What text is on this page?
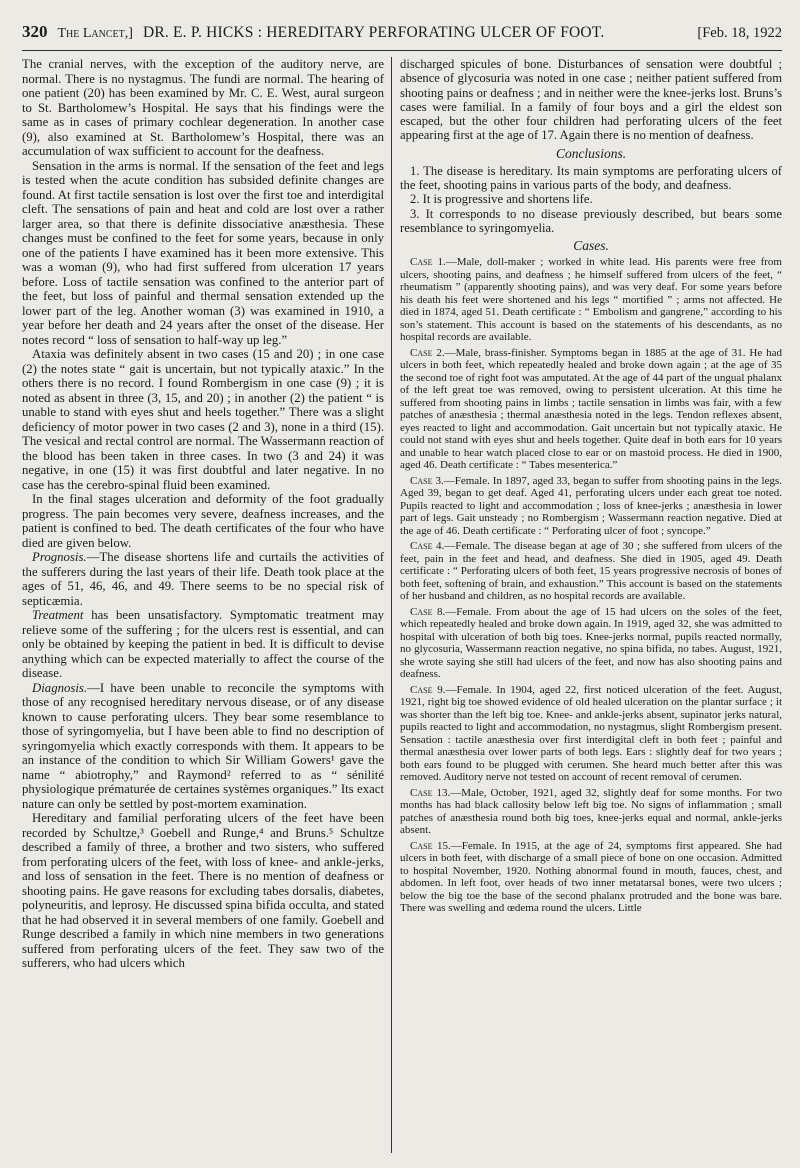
320 The Lancet,] DR. E. P. HICKS : HEREDITARY PERFORATING ULCER OF FOOT.	[Feb. 18, 1922

The cranial nerves, with the exception of the auditory nerve, are normal. There is no nystagmus. The fundi are normal. The hearing of one patient (20) has been examined by Mr. C. E. West, aural surgeon to St. Bartholomew’s Hospital. He says that his findings were the same as in cases of primary cochlear degeneration. In another case (9), also examined at St. Bartholomew’s Hospital, there was an accumulation of wax sufficient to account for the deafness.

Sensation in the arms is normal. If the sensation of the feet and legs is tested when the acute condition has subsided definite changes are found. At first tactile sensation is lost over the first toe and interdigital cleft. The sensations of pain and heat and cold are lost over a rather larger area, so that there is definite dissociative anæsthesia. These changes must be confined to the feet for some years, because in only one of the patients I have examined has it been more extensive. This was a woman (9), who had first suffered from ulceration 17 years before. Loss of tactile sensation was confined to the anterior part of the feet, but loss of painful and thermal sensation extended up the lower part of the leg. Another woman (3) was examined in 1910, a year before her death and 24 years after the onset of the disease. Her notes record “ loss of sensation to half-way up leg.”

Ataxia was definitely absent in two cases (15 and 20) ; in one case (2) the notes state “ gait is uncertain, but not typically ataxic.” In the others there is no record. I found Rombergism in one case (9) ; it is noted as absent in three (3, 15, and 20) ; in another (2) the patient “ is unable to stand with eyes shut and heels together.” There was a slight deficiency of motor power in two cases (2 and 3), none in a third (15). The vesical and rectal control are normal. The Wassermann reaction of the blood has been taken in three cases. In two (3 and 24) it was negative, in one (15) it was first doubtful and later negative. In no case has the cerebro-spinal fluid been examined.

In the final stages ulceration and deformity of the foot gradually progress. The pain becomes very severe, deafness increases, and the patient is confined to bed. The death certificates of the four who have died are given below.

Prognosis.—The disease shortens life and curtails the activities of the sufferers during the last years of their life. Death took place at the ages of 51, 46, 46, and 49. There seems to be no special risk of septicæmia.

Treatment has been unsatisfactory. Symptomatic treatment may relieve some of the suffering ; for the ulcers rest is essential, and can only be obtained by keeping the patient in bed. It is difficult to devise anything which can be expected materially to affect the course of the disease.

Diagnosis.—I have been unable to reconcile the symptoms with those of any recognised hereditary nervous disease, or of any disease known to cause perforating ulcers. They bear some resemblance to those of syringomyelia, but I have been able to find no description of syringomyelia which exactly corresponds with them. It appears to be an instance of the condition to which Sir William Gowers¹ gave the name “ abiotrophy,” and Raymond² referred to as “ sénilité physiologique prématurée de certaines systèmes organiques.” Its exact nature can only be settled by post-mortem examination.

Hereditary and familial perforating ulcers of the feet have been recorded by Schultze,³ Goebell and Runge,⁴ and Bruns.⁵ Schultze described a family of three, a brother and two sisters, who suffered from perforating ulcers of the feet, with loss of knee- and ankle-jerks, and loss of sensation in the feet. There is no mention of deafness or shooting pains. He gave reasons for excluding tabes dorsalis, diabetes, polyneuritis, and leprosy. He discussed spina bifida occulta, and stated that he had observed it in several members of one family. Goebell and Runge described a family in which nine members in two generations suffered from perforating ulcers of the feet. They saw two of the sufferers, who had ulcers which

discharged spicules of bone. Disturbances of sensation were doubtful ; absence of glycosuria was noted in one case ; neither patient suffered from shooting pains or deafness ; and in neither were the knee-jerks lost. Bruns’s cases were familial. In a family of four boys and a girl the eldest son escaped, but the other four children had perforating ulcers of the feet appearing first at the age of 17. Again there is no mention of deafness.

Conclusions.

1. The disease is hereditary. Its main symptoms are perforating ulcers of the feet, shooting pains in various parts of the body, and deafness.

2. It is progressive and shortens life.

3. It corresponds to no disease previously described, but bears some resemblance to syringomyelia.

Cases.

Case 1.—Male, doll-maker ; worked in white lead. His parents were free from ulcers, shooting pains, and deafness ; he himself suffered from ulcers of the feet, “ rheumatism ” (apparently shooting pains), and was very deaf. For some years before his death his feet were shortened and his legs “ mortified ” ; arms not affected. He died in 1874, aged 51. Death certificate : “ Embolism and gangrene,” according to his son’s statement. This account is based on the statements of his descendants, as no hospital records are available.

Case 2.—Male, brass-finisher. Symptoms began in 1885 at the age of 31. He had ulcers in both feet, which repeatedly healed and broke down again ; at the age of 35 the second toe of right foot was amputated. At the age of 44 part of the ungual phalanx of the left great toe was removed, owing to persistent ulceration. At this time he suffered from shooting pains in limbs ; tactile sensation in limbs was fair, with a few patches of anæsthesia ; thermal anæsthesia noted in the legs. Tendon reflexes absent, eyes reacted to light and accommodation. Gait uncertain but not typically ataxic. He could not stand with eyes shut and heels together. Quite deaf in both ears for 10 years and unable to hear watch placed close to ear or on mastoid process. He died in 1900, aged 46. Death certificate : “ Tabes mesenterica.”

Case 3.—Female. In 1897, aged 33, began to suffer from shooting pains in the legs. Aged 39, began to get deaf. Aged 41, perforating ulcers under each great toe noted. Pupils reacted to light and accommodation ; loss of knee-jerks ; anæsthesia in lower part of legs. Gait unsteady ; no Rombergism ; Wassermann reaction negative. Died at the age of 46. Death certificate : “ Perforating ulcer of foot ; syncope.”

Case 4.—Female. The disease began at age of 30 ; she suffered from ulcers of the feet, pain in the feet and head, and deafness. She died in 1905, aged 49. Death certificate : “ Perforating ulcers of both feet, 15 years progressive necrosis of bones of both feet, softening of brain, and exhaustion.” This account is based on the statements of her husband and children, as no hospital records are available.

Case 8.—Female. From about the age of 15 had ulcers on the soles of the feet, which repeatedly healed and broke down again. In 1919, aged 32, she was admitted to hospital with ulceration of both big toes. Knee-jerks normal, pupils reacted normally, no glycosuria, Wassermann reaction negative, no spina bifida, no tabes. August, 1921, she wrote saying she still had ulcers of the feet, and now has also shooting pains and deafness.

Case 9.—Female. In 1904, aged 22, first noticed ulceration of the feet. August, 1921, right big toe showed evidence of old healed ulceration on the plantar surface ; it was shorter than the left big toe. Knee- and ankle-jerks absent, supinator jerks natural, pupils reacted to light and accommodation, no nystagmus, slight Rombergism present. Sensation : tactile anæsthesia over first interdigital cleft in both feet ; painful and thermal anæsthesia over lower parts of both legs. Ears : slightly deaf for two years ; both ears found to be plugged with cerumen. She heard much better after this was removed. Auditory nerve not tested on account of recent removal of cerumen.

Case 13.—Male, October, 1921, aged 32, slightly deaf for some months. For two months has had black callosity below left big toe. No signs of inflammation ; small patches of anæsthesia round both big toes, knee-jerks equal and normal, ankle-jerks absent.

Case 15.—Female. In 1915, at the age of 24, symptoms first appeared. She had ulcers in both feet, with discharge of a small piece of bone on one occasion. Admitted to hospital November, 1920. Nothing abnormal found in mouth, fauces, chest, and abdomen. In left foot, over heads of two inner metatarsal bones, were two ulcers ; below the big toe the base of the second phalanx protruded and the bone was bare. There was swelling and œdema round the ulcers. Little
